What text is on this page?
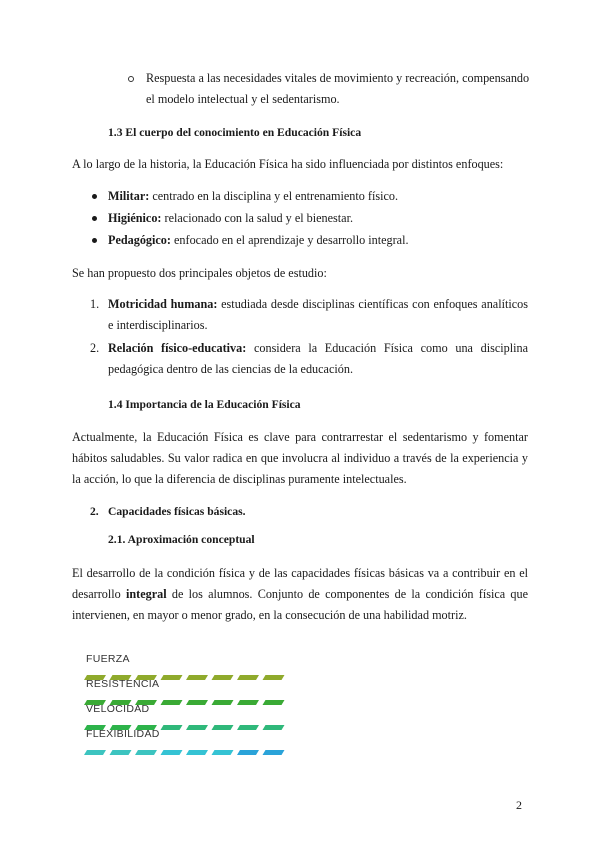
Respuesta a las necesidades vitales de movimiento y recreación, compensando el modelo intelectual y el sedentarismo.
1.3 El cuerpo del conocimiento en Educación Física
A lo largo de la historia, la Educación Física ha sido influenciada por distintos enfoques:
Militar: centrado en la disciplina y el entrenamiento físico.
Higiénico: relacionado con la salud y el bienestar.
Pedagógico: enfocado en el aprendizaje y desarrollo integral.
Se han propuesto dos principales objetos de estudio:
1. Motricidad humana: estudiada desde disciplinas científicas con enfoques analíticos e interdisciplinarios.
2. Relación físico-educativa: considera la Educación Física como una disciplina pedagógica dentro de las ciencias de la educación.
1.4 Importancia de la Educación Física
Actualmente, la Educación Física es clave para contrarrestar el sedentarismo y fomentar hábitos saludables. Su valor radica en que involucra al individuo a través de la experiencia y la acción, lo que la diferencia de disciplinas puramente intelectuales.
2. Capacidades físicas básicas.
2.1. Aproximación conceptual
El desarrollo de la condición física y de las capacidades físicas básicas va a contribuir en el desarrollo integral de los alumnos. Conjunto de componentes de la condición física que intervienen, en mayor o menor grado, en la consecución de una habilidad motriz.
FUERZA
RESISTENCIA
VELOCIDAD
FLEXIBILIDAD
2
